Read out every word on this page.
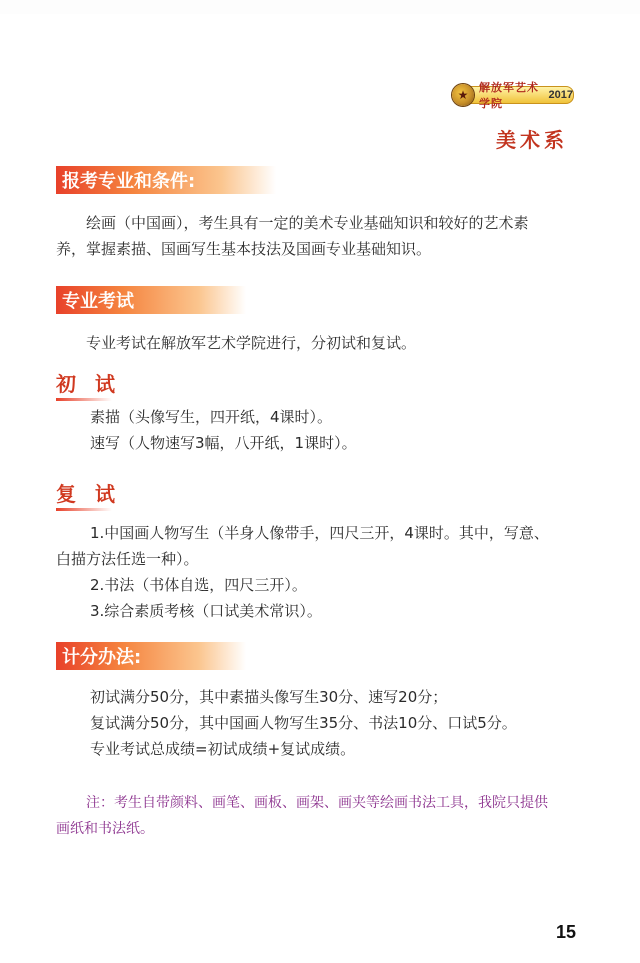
★
解放军艺术学院
2017
美术系
报考专业和条件:

绘画（中国画），考生具有一定的美术专业基础知识和较好的艺术素

养，掌握素描、国画写生基本技法及国画专业基础知识。

专业考试

专业考试在解放军艺术学院进行，分初试和复试。

初 试

素描（头像写生，四开纸，4课时）。

速写（人物速写3幅，八开纸，1课时）。

复 试

1.中国画人物写生（半身人像带手，四尺三开，4课时。其中，写意、

白描方法任选一种）。

2.书法（书体自选，四尺三开）。

3.综合素质考核（口试美术常识）。

计分办法:

初试满分50分，其中素描头像写生30分、速写20分；

复试满分50分，其中国画人物写生35分、书法10分、口试5分。

专业考试总成绩=初试成绩+复试成绩。

注：考生自带颜料、画笔、画板、画架、画夹等绘画书法工具，我院只提供

画纸和书法纸。

15
